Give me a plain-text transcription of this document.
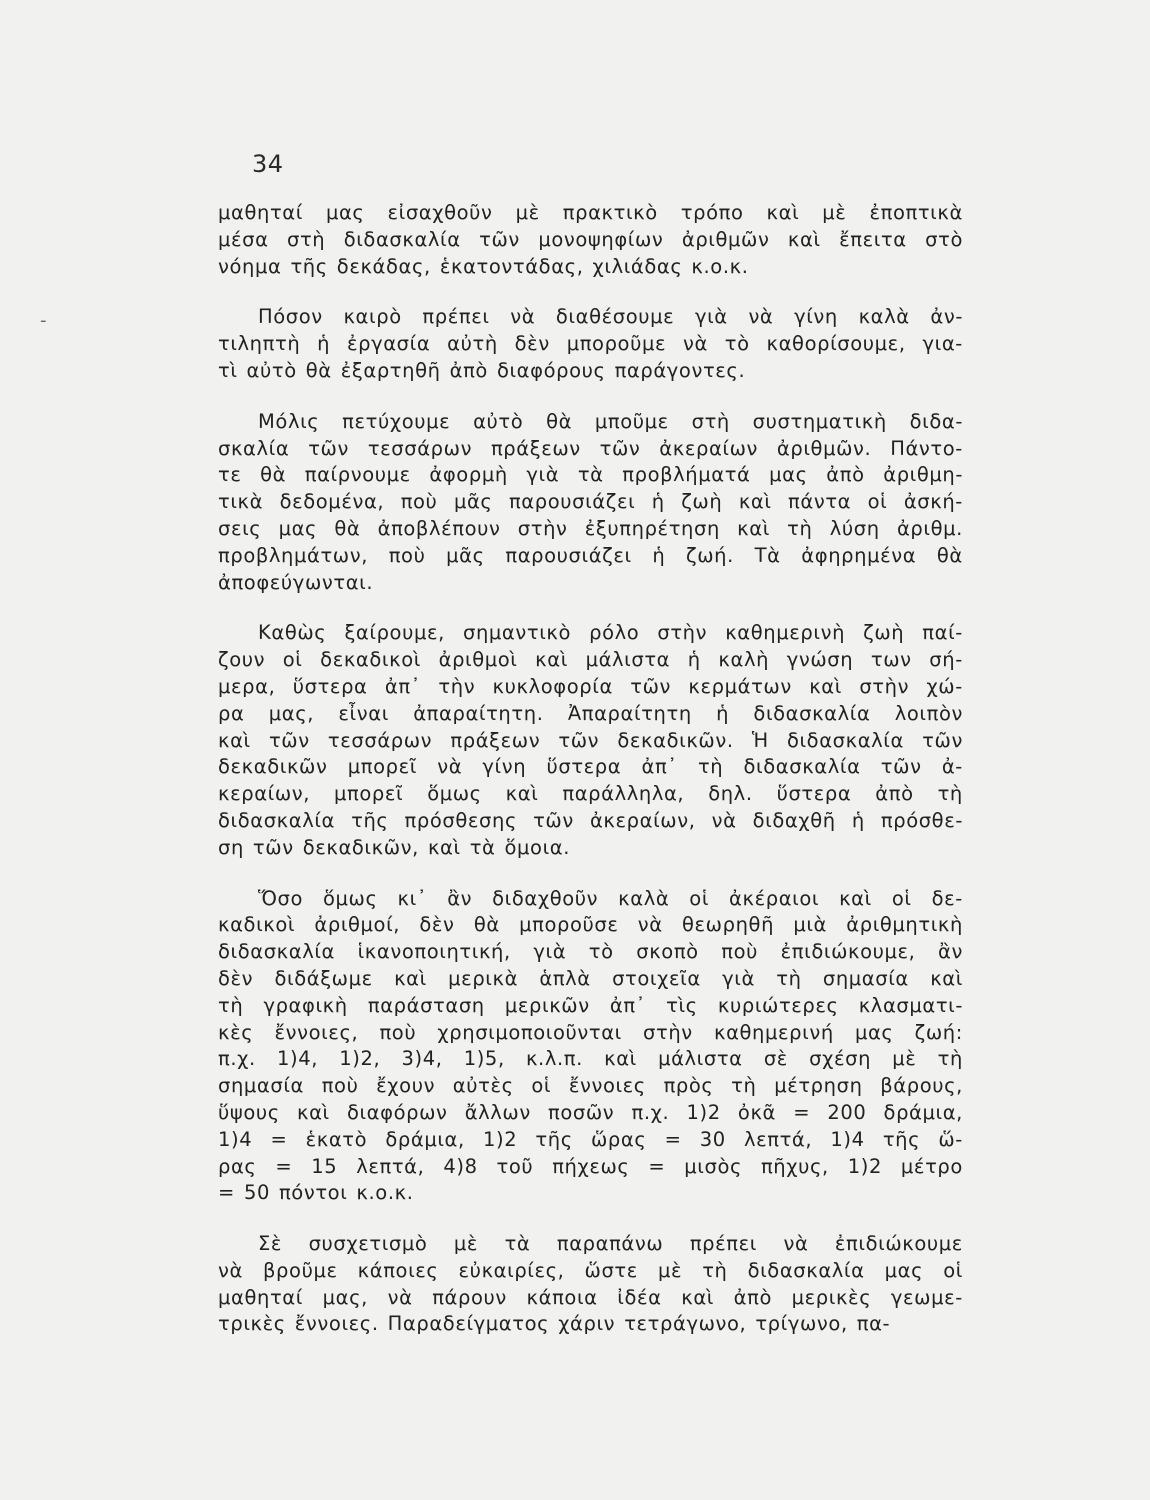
-
34
μαθηταί μας εἰσαχθοῦν μὲ πρακτικὸ τρόπο καὶ μὲ ἐποπτικὰ
μέσα στὴ διδασκαλία τῶν μονοψηφίων ἀριθμῶν καὶ ἔπειτα στὸ
νόημα τῆς δεκάδας, ἑκατοντάδας, χιλιάδας κ.ο.κ.
Πόσον καιρὸ πρέπει νὰ διαθέσουμε γιὰ νὰ γίνη καλὰ ἀν-
τιληπτὴ ἡ ἐργασία αὐτὴ δὲν μποροῦμε νὰ τὸ καθορίσουμε, για-
τὶ αὐτὸ θὰ ἐξαρτηθῆ ἀπὸ διαφόρους παράγοντες.
Μόλις πετύχουμε αὐτὸ θὰ μποῦμε στὴ συστηματικὴ διδα-
σκαλία τῶν τεσσάρων πράξεων τῶν ἀκεραίων ἀριθμῶν. Πάντο-
τε θὰ παίρνουμε ἀφορμὴ γιὰ τὰ προβλήματά μας ἀπὸ ἀριθμη-
τικὰ δεδομένα, ποὺ μᾶς παρουσιάζει ἡ ζωὴ καὶ πάντα οἱ ἀσκή-
σεις μας θὰ ἀποβλέπουν στὴν ἐξυπηρέτηση καὶ τὴ λύση ἀριθμ.
προβλημάτων, ποὺ μᾶς παρουσιάζει ἡ ζωή. Τὰ ἀφηρημένα θὰ
ἀποφεύγωνται.
Καθὼς ξαίρουμε, σημαντικὸ ρόλο στὴν καθημερινὴ ζωὴ παί-
ζουν οἱ δεκαδικοὶ ἀριθμοὶ καὶ μάλιστα ἡ καλὴ γνώση των σή-
μερα, ὕστερα ἀπ᾽ τὴν κυκλοφορία τῶν κερμάτων καὶ στὴν χώ-
ρα μας, εἶναι ἀπαραίτητη. Ἀπαραίτητη ἡ διδασκαλία λοιπὸν
καὶ τῶν τεσσάρων πράξεων τῶν δεκαδικῶν. Ἡ διδασκαλία τῶν
δεκαδικῶν μπορεῖ νὰ γίνη ὕστερα ἀπ᾽ τὴ διδασκαλία τῶν ἀ-
κεραίων, μπορεῖ ὅμως καὶ παράλληλα, δηλ. ὕστερα ἀπὸ τὴ
διδασκαλία τῆς πρόσθεσης τῶν ἀκεραίων, νὰ διδαχθῆ ἡ πρόσθε-
ση τῶν δεκαδικῶν, καὶ τὰ ὅμοια.
Ὅσο ὅμως κι᾽ ἂν διδαχθοῦν καλὰ οἱ ἀκέραιοι καὶ οἱ δε-
καδικοὶ ἀριθμοί, δὲν θὰ μποροῦσε νὰ θεωρηθῆ μιὰ ἀριθμητικὴ
διδασκαλία ἱκανοποιητική, γιὰ τὸ σκοπὸ ποὺ ἐπιδιώκουμε, ἂν
δὲν διδάξωμε καὶ μερικὰ ἁπλὰ στοιχεῖα γιὰ τὴ σημασία καὶ
τὴ γραφικὴ παράσταση μερικῶν ἀπ᾽ τὶς κυριώτερες κλασματι-
κὲς ἔννοιες, ποὺ χρησιμοποιοῦνται στὴν καθημερινή μας ζωή:
π.χ. 1)4, 1)2, 3)4, 1)5, κ.λ.π. καὶ μάλιστα σὲ σχέση μὲ τὴ
σημασία ποὺ ἔχουν αὐτὲς οἱ ἔννοιες πρὸς τὴ μέτρηση βάρους,
ὕψους καὶ διαφόρων ἄλλων ποσῶν π.χ. 1)2 ὀκᾶ = 200 δράμια,
1)4 = ἑκατὸ δράμια, 1)2 τῆς ὥρας = 30 λεπτά, 1)4 τῆς ὥ-
ρας = 15 λεπτά, 4)8 τοῦ πήχεως = μισὸς πῆχυς, 1)2 μέτρο
= 50 πόντοι κ.ο.κ.
Σὲ συσχετισμὸ μὲ τὰ παραπάνω πρέπει νὰ ἐπιδιώκουμε
νὰ βροῦμε κάποιες εὐκαιρίες, ὥστε μὲ τὴ διδασκαλία μας οἱ
μαθηταί μας, νὰ πάρουν κάποια ἰδέα καὶ ἀπὸ μερικὲς γεωμε-
τρικὲς ἔννοιες. Παραδείγματος χάριν τετράγωνο, τρίγωνο, πα-
